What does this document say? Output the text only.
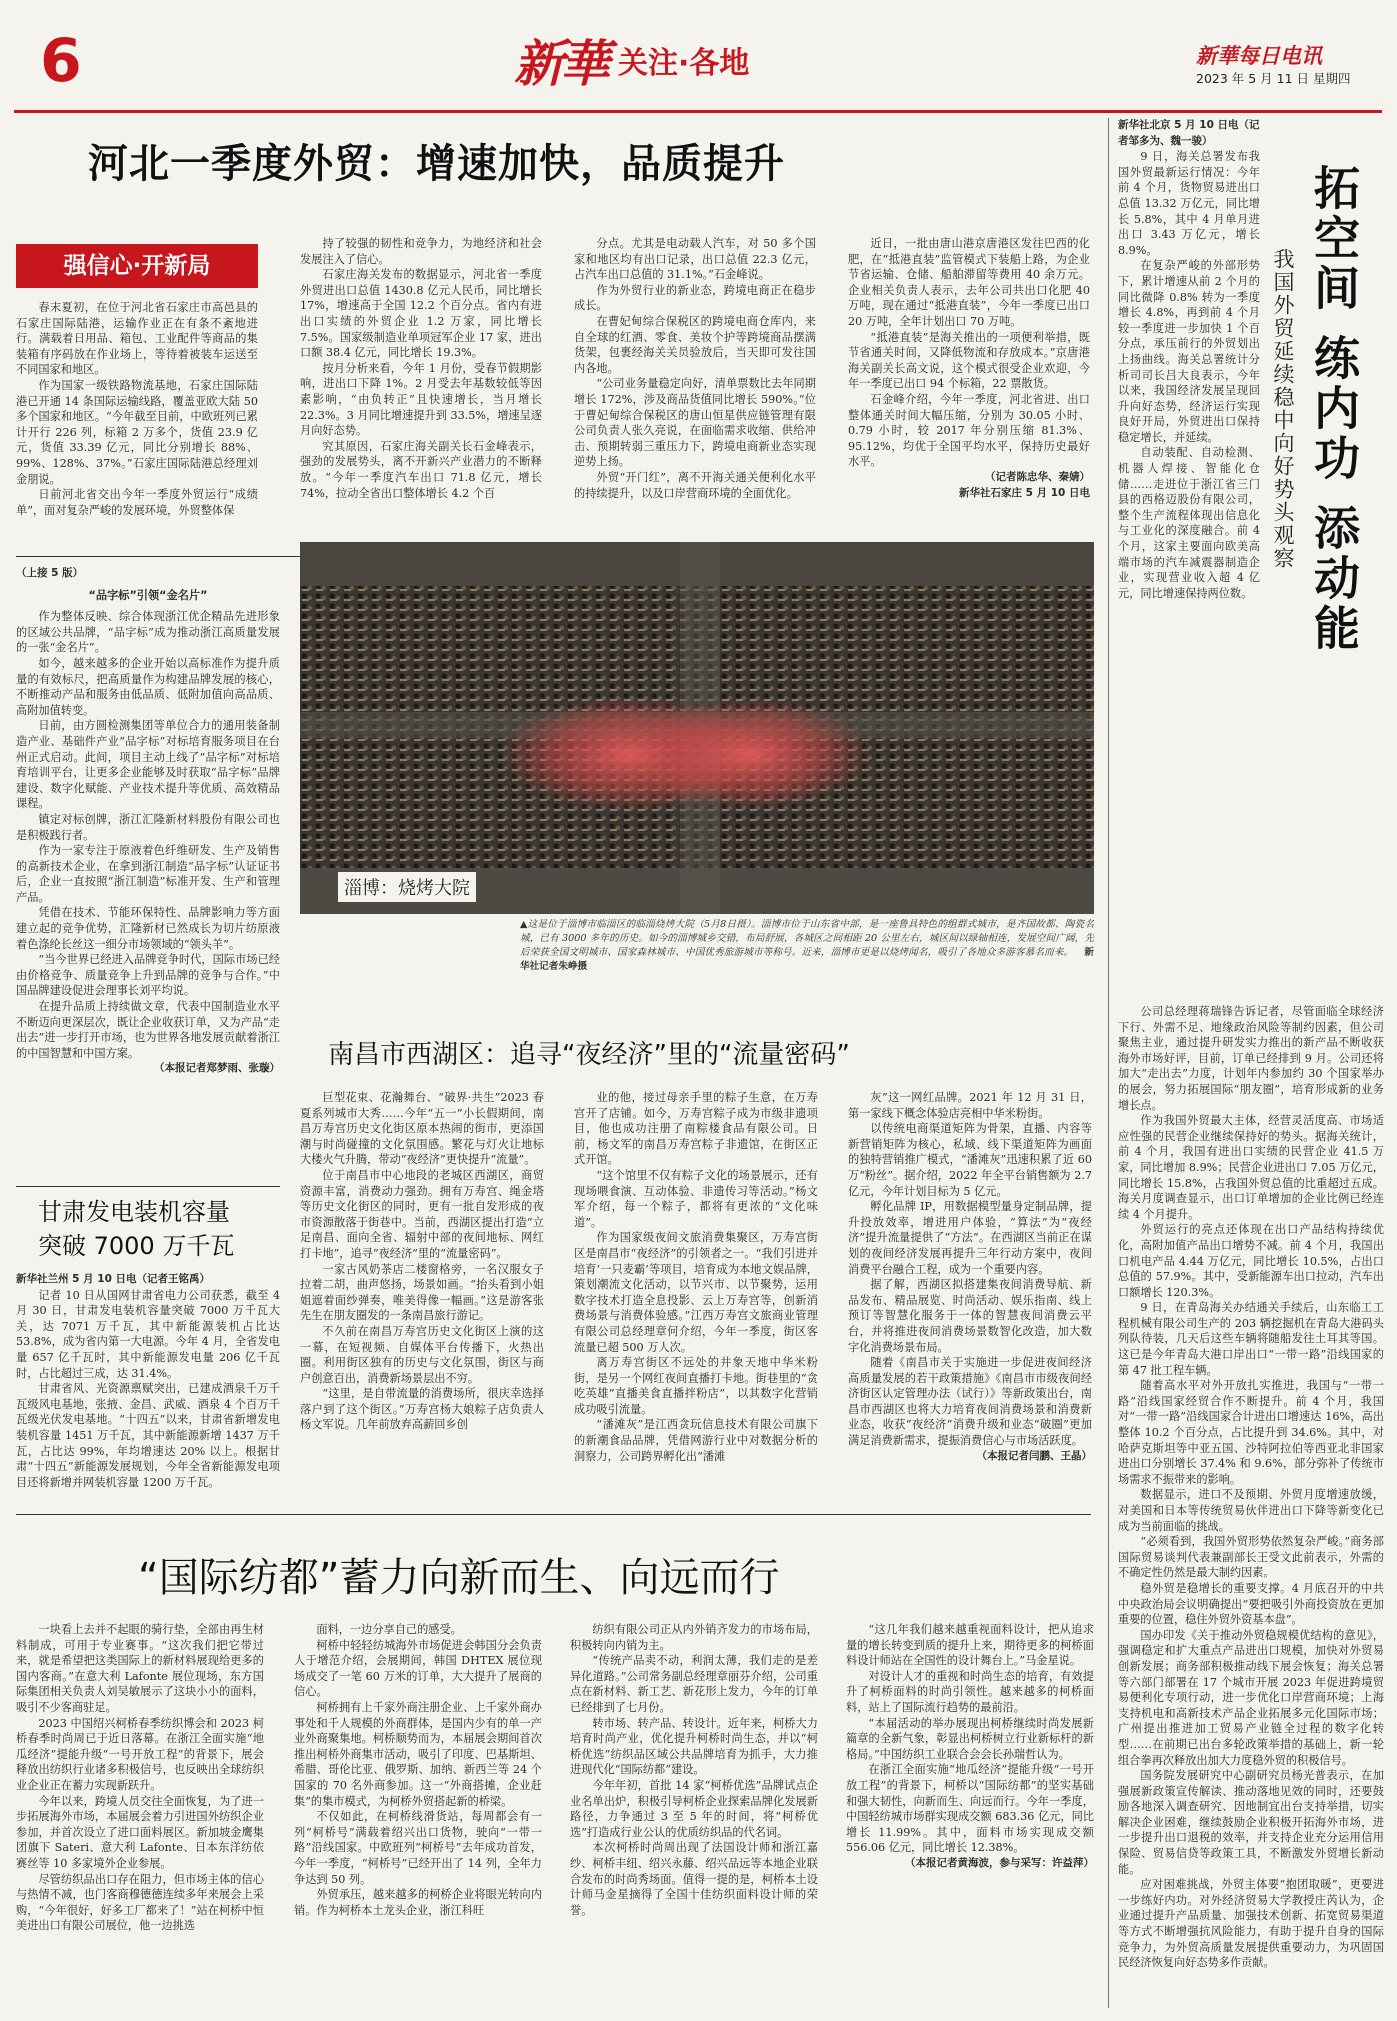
6	新華 关注·各地	新華每日电讯
2023 年 5 月 11 日 星期四
河北一季度外贸：增速加快，品质提升
强信心·开新局

春末夏初，在位于河北省石家庄市高邑县的石家庄国际陆港，运输作业正在有条不紊地进行。满载着日用品、箱包、工业配件等商品的集装箱有序码放在作业场上，等待着被装车运送至不同国家和地区。

作为国家一级铁路物流基地，石家庄国际陆港已开通 14 条国际运输线路，覆盖亚欧大陆 50 多个国家和地区。“今年截至目前，中欧班列已累计开行 226 列，标箱 2 万多个，货值 23.9 亿元，货值 33.39 亿元，同比分别增长 88%、99%、128%、37%。”石家庄国际陆港总经理刘金朋说。

日前河北省交出今年一季度外贸运行“成绩单”，面对复杂严峻的发展环境，外贸整体保

持了较强的韧性和竞争力，为地经济和社会发展注入了信心。

石家庄海关发布的数据显示，河北省一季度外贸进出口总值 1430.8 亿元人民币，同比增长 17%，增速高于全国 12.2 个百分点。省内有进出口实绩的外贸企业 1.2 万家，同比增长 7.5%。国家级制造业单项冠军企业 17 家，进出口额 38.4 亿元，同比增长 19.3%。

按月分析来看，今年 1 月份，受春节假期影响，进出口下降 1%。2 月受去年基数较低等因素影响，“由负转正”且快速增长，当月增长 22.3%。3 月同比增速提升到 33.5%，增速呈逐月向好态势。

究其原因，石家庄海关副关长石金峰表示，强劲的发展势头，离不开新兴产业潜力的不断释放。“今年一季度汽车出口 71.8 亿元，增长 74%，拉动全省出口整体增长 4.2 个百

分点。尤其是电动载人汽车，对 50 多个国家和地区均有出口记录，出口总值 22.3 亿元，占汽车出口总值的 31.1%。”石金峰说。

作为外贸行业的新业态，跨境电商正在稳步成长。

在曹妃甸综合保税区的跨境电商仓库内，来自全球的红酒、零食、美妆个护等跨境商品摆满货架，包裹经海关关员验放后，当天即可发往国内各地。

“公司业务量稳定向好，清单票数比去年同期增长 172%，涉及商品货值同比增长 590%。”位于曹妃甸综合保税区的唐山恒星供应链管理有限公司负责人张久亮说，在面临需求收缩、供给冲击、预期转弱三重压力下，跨境电商新业态实现逆势上扬。

外贸“开门红”，离不开海关通关便利化水平的持续提升，以及口岸营商环境的全面优化。

近日，一批由唐山港京唐港区发往巴西的化肥，在“抵港直装”监管模式下装船上路，为企业节省运输、仓储、船舶滞留等费用 40 余万元。企业相关负责人表示，去年公司共出口化肥 40 万吨，现在通过“抵港直装”，今年一季度已出口 20 万吨，全年计划出口 70 万吨。

“抵港直装”是海关推出的一项便利举措，既节省通关时间，又降低物流和存放成本。”京唐港海关副关长高文说，这个模式很受企业欢迎，今年一季度已出口 94 个标箱，22 票散货。

石金峰介绍，今年一季度，河北省进、出口整体通关时间大幅压缩，分别为 30.05 小时、0.79 小时，较 2017 年分别压缩 81.3%、95.12%，均优于全国平均水平，保持历史最好水平。

（记者陈忠华、秦婧）

新华社石家庄 5 月 10 日电

（上接 5 版）

“品字标”引领“金名片”

作为整体反映、综合体现浙江优企精品先进形象的区域公共品牌，“品字标”成为推动浙江高质量发展的一张“金名片”。

如今，越来越多的企业开始以高标准作为提升质量的有效标尺，把高质量作为构建品牌发展的核心，不断推动产品和服务由低品质、低附加值向高品质、高附加值转变。

日前，由方圆检测集团等单位合力的通用装备制造产业、基础件产业“品字标”对标培育服务项目在台州正式启动。此间，项目主动上线了“品字标”对标培育培训平台，让更多企业能够及时获取“品字标”品牌建设、数字化赋能、产业技术提升等优质、高效精品课程。

镇定对标创牌，浙江汇隆新材料股份有限公司也是积极践行者。

作为一家专注于原液着色纤维研发、生产及销售的高新技术企业，在拿到浙江制造“品字标”认证证书后，企业一直按照“浙江制造”标准开发、生产和管理产品。

凭借在技术、节能环保特性、品牌影响力等方面建立起的竞争优势，汇隆新材已然成长为切片纺原液着色涤纶长丝这一细分市场领域的“领头羊”。

“当今世界已经进入品牌竞争时代，国际市场已经由价格竞争、质量竞争上升到品牌的竞争与合作。”中国品牌建设促进会理事长刘平均说。

在提升品质上持续做文章，代表中国制造业水平不断迈向更深层次，既让企业收获订单，又为产品“走出去”进一步打开市场，也为世界各地发展贡献着浙江的中国智慧和中国方案。

（本报记者郑梦雨、张璇）

甘肃发电装机容量
突破 7000 万千瓦

新华社兰州 5 月 10 日电（记者王铭禹）

记者 10 日从国网甘肃省电力公司获悉，截至 4 月 30 日，甘肃发电装机容量突破 7000 万千瓦大关，达 7071 万千瓦，其中新能源装机占比达 53.8%，成为省内第一大电源。今年 4 月，全省发电量 657 亿千瓦时，其中新能源发电量 206 亿千瓦时，占比超过三成，达 31.4%。

甘肃省风、光资源禀赋突出，已建成酒泉千万千瓦级风电基地，张掖、金昌、武威、酒泉 4 个百万千瓦级光伏发电基地。“十四五”以来，甘肃省新增发电装机容量 1451 万千瓦，其中新能源新增 1437 万千瓦，占比达 99%，年均增速达 20% 以上。根据甘肃“十四五”新能源发展规划，今年全省新能源发电项目还将新增并网装机容量 1200 万千瓦。

淄博：烧烤大院
▲这是位于淄博市临淄区的临淄烧烤大院（5月8日摄）。淄博市位于山东省中部，是一座鲁具特色的组群式城市，是齐国故都、陶瓷名城，已有 3000 多年的历史。如今的淄博城乡交错，布局舒展，各城区之间相距 20 公里左右，城区间以绿轴相连，发展空间广阔，先后荣获全国文明城市、国家森林城市、中国优秀旅游城市等称号。近来，淄博市更是以烧烤闻名，吸引了各地众多游客慕名而来。 新华社记者朱峥摄
南昌市西湖区：追寻“夜经济”里的“流量密码”

巨型花束、花瀚舞台、“破界·共生”2023 春夏系列城市大秀……今年“五一”小长假期间，南昌万寿宫历史文化街区原本热闹的街市，更添国潮与时尚碰撞的文化氛围感。繁花与灯火让地标大楼火气升腾，带动“夜经济”更快提升“流量”。

位于南昌市中心地段的老城区西湖区，商贸资源丰富，消费动力强劲。拥有万寿宫、绳金塔等历史文化街区的同时，更有一批自发形成的夜市资源散落于街巷中。当前，西湖区提出打造“立足南昌、面向全省、辐射中部的夜间地标、网红打卡地”，追寻“夜经济”里的“流量密码”。

一家古风奶茶店二楼窗格旁，一名汉服女子拉着二胡，曲声悠扬，场景如画。“抬头看到小姐姐遮着面纱弹奏，唯美得像一幅画。”这是游客张先生在朋友圈发的一条南昌旅行游记。

不久前在南昌万寿宫历史文化街区上演的这一幕，在短视频、自媒体平台传播下，火热出圈。利用街区独有的历史与文化氛围，街区与商户创意百出，消费新场景层出不穷。

“这里，是自带流量的消费场所，很庆幸选择落户到了这个街区。”万寿宫杨大娘粽子店负责人杨文军说。几年前放弃高薪回乡创

业的他，接过母亲手里的粽子生意，在万寿宫开了店铺。如今，万寿宫粽子成为市级非遗项目，他也成功注册了南粽楼食品有限公司。日前，杨文军的南昌万寿宫粽子非遗馆，在街区正式开馆。

“这个馆里不仅有粽子文化的场景展示，还有现场喂食演、互动体验、非遗传习等活动。”杨文军介绍，每一个粽子，都将有更浓的“文化味道”。

作为国家级夜间文旅消费集聚区，万寿宫街区是南昌市“夜经济”的引领者之一。“我们引进并培育‘一只麦霸’等项目，培育成为本地文娱品牌，策划潮流文化活动，以节兴市、以节聚势，运用数字技术打造全息投影、云上万寿宫等，创新消费场景与消费体验感。”江西万寿宫文旅商业管理有限公司总经理章何介绍，今年一季度，街区客流量已超 500 万人次。

离万寿宫街区不远处的井象天地中华米粉街，是另一个网红夜间直播打卡地。街巷里的“贪吃英雄”直播美食直播拌粉店”，以其数字化营销成功吸引流量。

“潘滩灰”是江西贪玩信息技术有限公司旗下的新潮食品品牌，凭借网游行业中对数据分析的洞察力，公司跨界孵化出“潘滩

灰”这一网红品牌。2021 年 12 月 31 日，第一家线下概念体验店亮相中华米粉街。

以传统电商渠道矩阵为骨架，直播、内容等新营销矩阵为核心，私域、线下渠道矩阵为画面的独特营销推广模式，“潘滩灰”迅速积累了近 60 万“粉丝”。据介绍，2022 年全平台销售额为 2.7 亿元，今年计划目标为 5 亿元。

孵化品牌 IP，用数据模型量身定制品牌，提升投放效率，增进用户体验，“算法”为“夜经济”提升流量提供了“方法”。在西湖区当前正在谋划的夜间经济发展再提升三年行动方案中，夜间消费平台融合工程，成为一个重要内容。

据了解，西湖区拟搭建集夜间消费导航、新品发布、精品展览、时尚活动、娱乐指南、线上预订等智慧化服务于一体的智慧夜间消费云平台，并将推进夜间消费场景数智化改造，加大数字化消费场景布局。

随着《南昌市关于实施进一步促进夜间经济高质量发展的若干政策措施》《南昌市市级夜间经济街区认定管理办法（试行）》等新政策出台，南昌市西湖区也将大力培育夜间消费场景和消费新业态，收获“夜经济”消费升级和业态“破圈”更加满足消费新需求，提振消费信心与市场活跃度。

（本报记者闫鹏、王晶）

“国际纺都”蓄力向新而生、向远而行

一块看上去并不起眼的骑行垫，全部由再生材料制成，可用于专业赛事。“这次我们把它带过来，就是希望把这类国际上的新材料展现给更多的国内客商。”在意大利 Lafonte 展位现场，东方国际集团相关负责人刘吴敏展示了这块小小的面料，吸引不少客商驻足。

2023 中国绍兴柯桥春季纺织博会和 2023 柯桥春季时尚周已于近日落幕。在浙江全面实施“地瓜经济”提能升级“一号开放工程”的背景下，展会释放出纺织行业诸多积极信号，也反映出全球纺织业企业正在蓄力实现新跃升。

今年以来，跨境人员交往全面恢复，为了进一步拓展海外市场，本届展会着力引进国外纺织企业参加，并首次设立了进口面料展区。新加坡金鹰集团旗下 Sateri、意大利 Lafonte、日本东洋纺依赛丝等 10 多家境外企业参展。

尽管纺织品出口存在阻力，但市场主体的信心与热情不减，也门客商穆德德连续多年来展会上采购，“今年很好，好多工厂都来了！”站在柯桥中恒美进出口有限公司展位，他一边挑选

面料，一边分享自己的感受。

柯桥中轻轻纺城海外市场促进会韩国分会负责人于增范介绍，会展期间，韩国 DHTEX 展位现场成交了一笔 60 万米的订单，大大提升了展商的信心。

柯桥拥有上千家外商注册企业、上千家外商办事处和千人规模的外商群体，是国内少有的单一产业外商聚集地。柯桥顺势而为，本届展会期间首次推出柯桥外商集市活动，吸引了印度、巴基斯坦、希腊、哥伦比亚、俄罗斯、加纳、新西兰等 24 个国家的 70 名外商参加。这一“外商搭摊，企业赶集”的集市模式，为柯桥外贸搭起新的桥梁。

不仅如此，在柯桥线滑货站，每周都会有一列“柯桥号”满载着绍兴出口货物，驶向“一带一路”沿线国家。中欧班列“柯桥号”去年成功首发，今年一季度，“柯桥号”已经开出了 14 列，全年力争达到 50 列。

外贸承压，越来越多的柯桥企业将眼光转向内销。作为柯桥本土龙头企业，浙江科旺

纺织有限公司正从内外销齐发力的市场布局，积极转向内销为主。

“传统产品卖不动，利润太薄，我们走的是差异化道路。”公司常务副总经理章丽芬介绍，公司重点在新材料、新工艺、新花形上发力，今年的订单已经排到了七月份。

转市场、转产品、转设计。近年来，柯桥大力培育时尚产业，优化提升柯桥时尚生态，并以“柯桥优选”纺织品区域公共品牌培育为抓手，大力推进现代化“国际纺都”建设。

今年年初，首批 14 家“柯桥优选”品牌试点企业名单出炉，积极引导柯桥企业探索品牌化发展新路径，力争通过 3 至 5 年的时间，将“柯桥优选”打造成行业公认的优质纺织品的代名词。

本次柯桥时尚周出现了法国设计师和浙江嘉纱、柯桥丰纽、绍兴永藤、绍兴品远等本地企业联合发布的时尚秀场面。值得一提的是，柯桥本土设计师马金星摘得了全国十佳纺织面料设计师的荣誉。

“这几年我们越来越重视面料设计，把从追求量的增长转变到质的提升上来，期待更多的柯桥面料设计师站在全国性的设计舞台上。”马金星说。

对设计人才的重视和时尚生态的培育，有效提升了柯桥面料的时尚引领性。越来越多的柯桥面料，站上了国际流行趋势的最前沿。

“本届活动的举办展现出柯桥继续时尚发展新篇章的全新气象，彰显出柯桥树立行业新标杆的新格局。”中国纺织工业联合会会长孙瑞哲认为。

在浙江全面实施“地瓜经济”提能升级“一号开放工程”的背景下，柯桥以“国际纺都”的坚实基础和强大韧性，向新而生、向远而行。今年一季度，中国轻纺城市场群实现成交额 683.36 亿元，同比增长 11.99%。其中，面料市场实现成交额 556.06 亿元，同比增长 12.38%。

（本报记者黄海波，参与采写：许益萍）

新华社北京 5 月 10 日电（记者邹多为、魏一骏）

9 日，海关总署发布我国外贸最新运行情况：今年前 4 个月，货物贸易进出口总值 13.32 万亿元，同比增长 5.8%，其中 4 月单月进出口 3.43 万亿元，增长 8.9%。

在复杂严峻的外部形势下，累计增速从前 2 个月的同比微降 0.8% 转为一季度增长 4.8%，再到前 4 个月较一季度进一步加快 1 个百分点，承压前行的外贸划出上扬曲线。海关总署统计分析司司长吕大良表示，今年以来，我国经济发展呈现回升向好态势，经济运行实现良好开局，外贸进出口保持稳定增长，并延续。

自动装配、自动检测、机器人焊接、智能化仓储……走进位于浙江省三门县的西格迈股份有限公司，整个生产流程体现出信息化与工业化的深度融合。前 4 个月，这家主要面向欧美高端市场的汽车减震器制造企业，实现营业收入超 4 亿元，同比增速保持两位数。 拓空间 练内功 添动能
我国外贸延续稳中向好势头观察

公司总经理蒋瑞锋告诉记者，尽管面临全球经济下行、外需不足、地缘政治风险等制约因素，但公司聚焦主业，通过提升研发实力推出的新产品不断收获海外市场好评，目前，订单已经排到 9 月。公司还将加大“走出去”力度，计划年内参加约 30 个国家举办的展会，努力拓展国际“朋友圈”，培育形成新的业务增长点。

作为我国外贸最大主体，经营灵活度高、市场适应性强的民营企业继续保持好的势头。据海关统计，前 4 个月，我国有进出口实绩的民营企业 41.5 万家，同比增加 8.9%；民营企业进出口 7.05 万亿元，同比增长 15.8%，占我国外贸总值的比重超过五成。海关月度调查显示，出口订单增加的企业比例已经连续 4 个月提升。

外贸运行的亮点还体现在出口产品结构持续优化，高附加值产品出口增势不减。前 4 个月，我国出口机电产品 4.44 万亿元，同比增长 10.5%，占出口总值的 57.9%。其中，受新能源车出口拉动，汽车出口额增长 120.3%。

9 日，在青岛海关办结通关手续后，山东临工工程机械有限公司生产的 203 辆挖掘机在青岛大港码头列队待装，几天后这些车辆将随船发往土耳其等国。这已是今年青岛大港口岸出口“一带一路”沿线国家的第 47 批工程车辆。

随着高水平对外开放扎实推进，我国与“一带一路”沿线国家经贸合作不断提升。前 4 个月，我国对“一带一路”沿线国家合计进出口增速达 16%，高出整体 10.2 个百分点，占比提升到 34.6%。其中，对哈萨克斯坦等中亚五国、沙特阿拉伯等西亚北非国家进出口分别增长 37.4% 和 9.6%，部分弥补了传统市场需求不振带来的影响。

数据显示，进口不及预期、外贸月度增速放缓，对美国和日本等传统贸易伙伴进出口下降等新变化已成为当前面临的挑战。

“必须看到，我国外贸形势依然复杂严峻。”商务部国际贸易谈判代表兼副部长王受文此前表示，外需的不确定性仍然是最大制约因素。

稳外贸是稳增长的重要支撑。4 月底召开的中共中央政治局会议明确提出“要把吸引外商投资放在更加重要的位置，稳住外贸外资基本盘”。

国办印发《关于推动外贸稳规模优结构的意见》，强调稳定和扩大重点产品进出口规模，加快对外贸易创新发展；商务部积极推动线下展会恢复；海关总署等六部门部署在 17 个城市开展 2023 年促进跨境贸易便利化专项行动，进一步优化口岸营商环境；上海支持机电和高新技术产品企业拓展多元化国际市场；广州提出推进加工贸易产业链全过程的数字化转型……在前期已出台多轮政策举措的基础上，新一轮组合拳再次释放出加大力度稳外贸的积极信号。

国务院发展研究中心副研究员杨光普表示，在加强展新政策宣传解读、推动落地见效的同时，还要鼓励各地深入调查研究、因地制宜出台支持举措，切实解决企业困难，继续鼓励企业积极开拓海外市场，进一步提升出口退税的效率，并支持企业充分运用信用保险、贸易信贷等政策工具，不断激发外贸增长新动能。

应对困难挑战，外贸主体要“抱团取暖”，更要进一步练好内功。对外经济贸易大学教授庄芮认为，企业通过提升产品质量、加强技术创新、拓宽贸易渠道等方式不断增强抗风险能力，有助于提升自身的国际竞争力，为外贸高质量发展提供重要动力，为巩固国民经济恢复向好态势多作贡献。
